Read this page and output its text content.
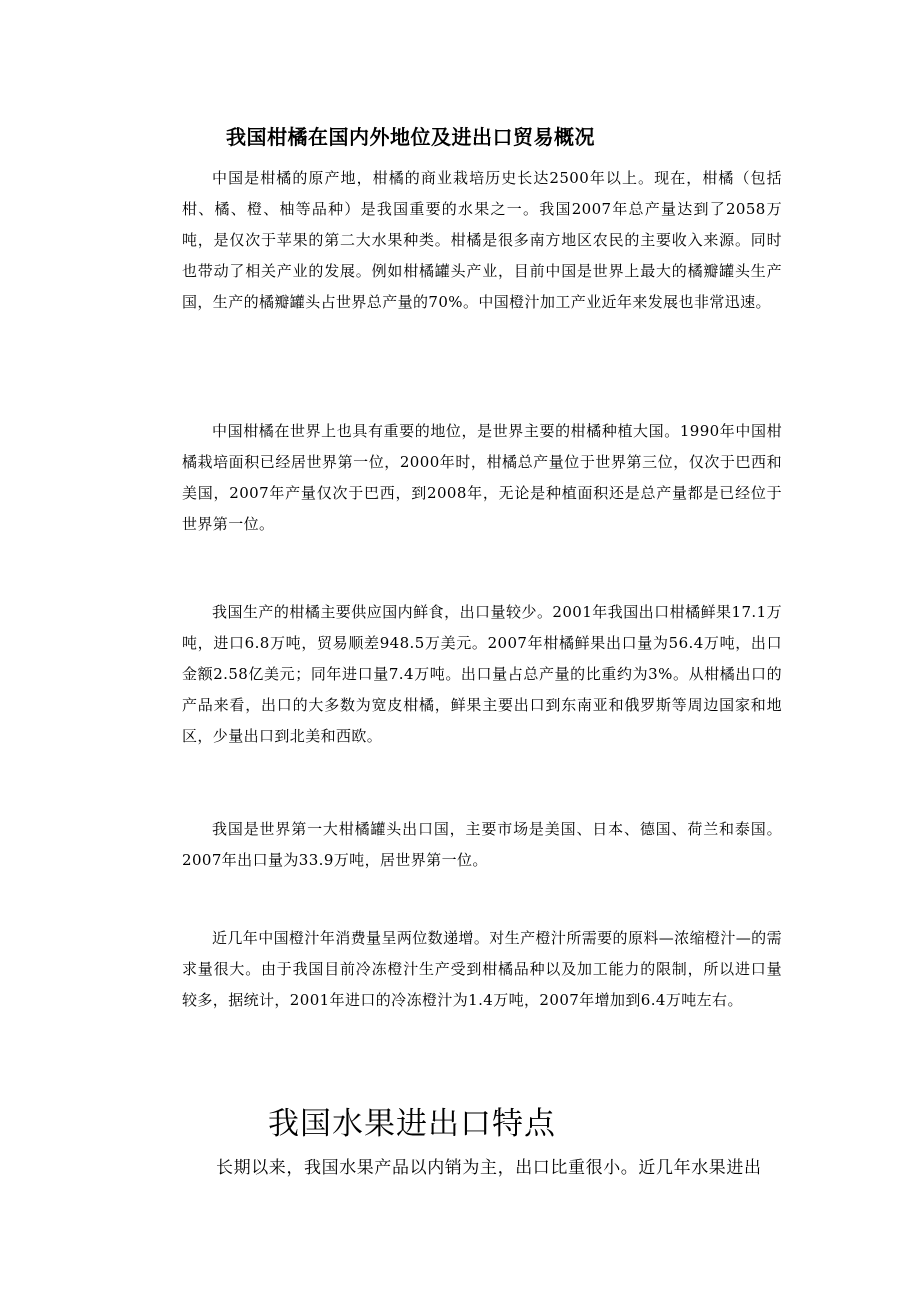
我国柑橘在国内外地位及进出口贸易概况

中国是柑橘的原产地，柑橘的商业栽培历史长达2500年以上。现在，柑橘（包括柑、橘、橙、柚等品种）是我国重要的水果之一。我国2007年总产量达到了2058万吨，是仅次于苹果的第二大水果种类。柑橘是很多南方地区农民的主要收入来源。同时也带动了相关产业的发展。例如柑橘罐头产业，目前中国是世界上最大的橘瓣罐头生产国，生产的橘瓣罐头占世界总产量的70%。中国橙汁加工产业近年来发展也非常迅速。

中国柑橘在世界上也具有重要的地位，是世界主要的柑橘种植大国。1990年中国柑橘栽培面积已经居世界第一位，2000年时，柑橘总产量位于世界第三位，仅次于巴西和美国，2007年产量仅次于巴西，到2008年，无论是种植面积还是总产量都是已经位于世界第一位。

我国生产的柑橘主要供应国内鲜食，出口量较少。2001年我国出口柑橘鲜果17.1万吨，进口6.8万吨，贸易顺差948.5万美元。2007年柑橘鲜果出口量为56.4万吨，出口金额2.58亿美元；同年进口量7.4万吨。出口量占总产量的比重约为3%。从柑橘出口的产品来看，出口的大多数为宽皮柑橘，鲜果主要出口到东南亚和俄罗斯等周边国家和地区，少量出口到北美和西欧。

我国是世界第一大柑橘罐头出口国，主要市场是美国、日本、德国、荷兰和泰国。2007年出口量为33.9万吨，居世界第一位。

近几年中国橙汁年消费量呈两位数递增。对生产橙汁所需要的原料—浓缩橙汁—的需求量很大。由于我国目前冷冻橙汁生产受到柑橘品种以及加工能力的限制，所以进口量较多，据统计，2001年进口的冷冻橙汁为1.4万吨，2007年增加到6.4万吨左右。

我国水果进出口特点

长期以来，我国水果产品以内销为主，出口比重很小。近几年水果进出
